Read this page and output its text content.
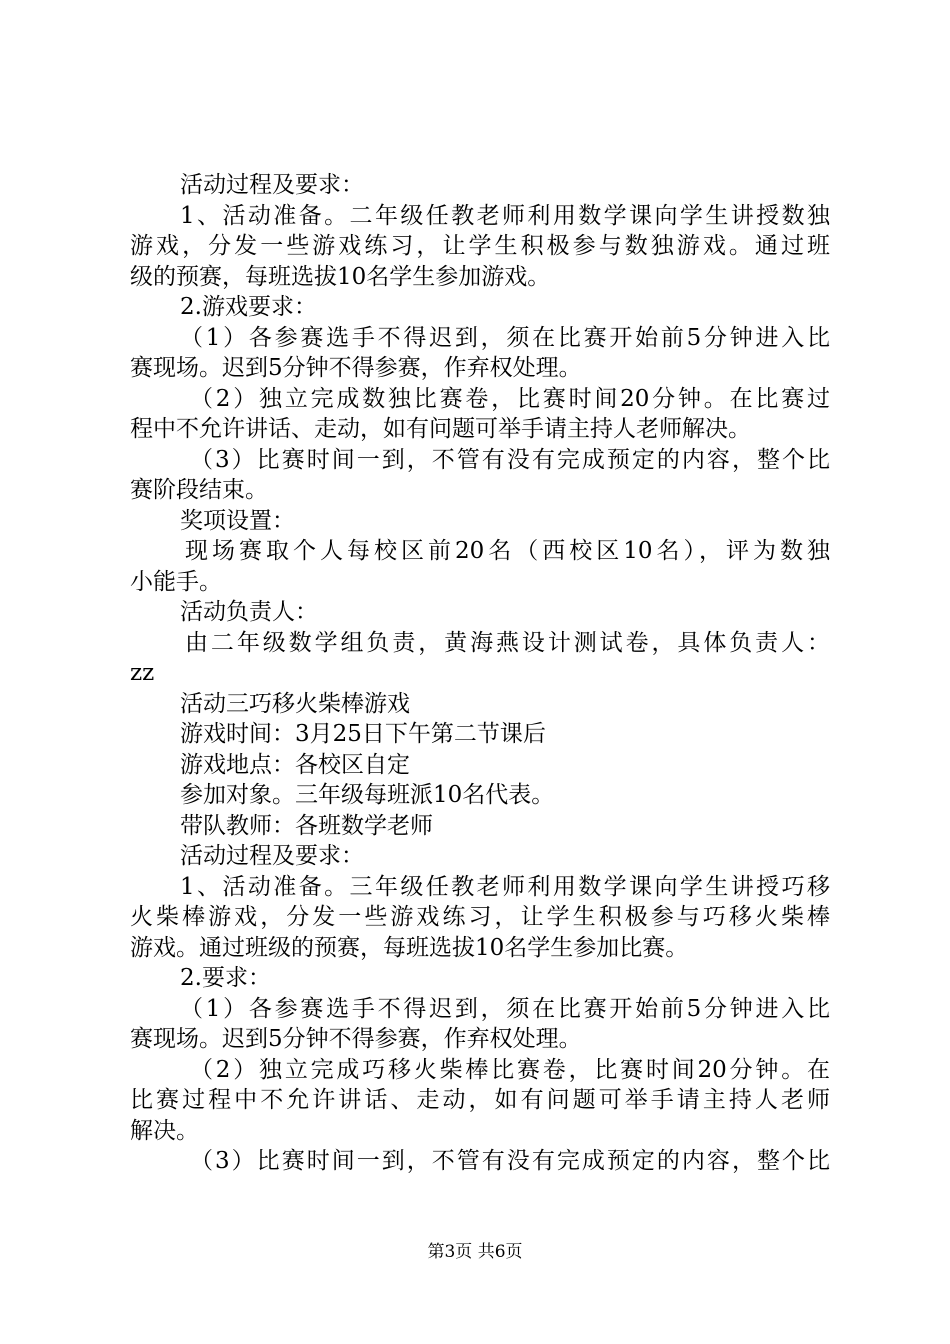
活动过程及要求：
1、活动准备。二年级任教老师利用数学课向学生讲授数独
游戏，分发一些游戏练习，让学生积极参与数独游戏。通过班
级的预赛，每班选拔10名学生参加游戏。
2.游戏要求：
（1）各参赛选手不得迟到，须在比赛开始前5分钟进入比
赛现场。迟到5分钟不得参赛，作弃权处理。
（2）独立完成数独比赛卷，比赛时间20分钟。在比赛过
程中不允许讲话、走动，如有问题可举手请主持人老师解决。
（3）比赛时间一到，不管有没有完成预定的内容，整个比
赛阶段结束。
奖项设置：
现场赛取个人每校区前20名（西校区10名），评为数独
小能手。
活动负责人：
由二年级数学组负责，黄海燕设计测试卷，具体负责人：
zz
活动三巧移火柴棒游戏
游戏时间：3月25日下午第二节课后
游戏地点：各校区自定
参加对象。三年级每班派10名代表。
带队教师：各班数学老师
活动过程及要求：
1、活动准备。三年级任教老师利用数学课向学生讲授巧移
火柴棒游戏，分发一些游戏练习，让学生积极参与巧移火柴棒
游戏。通过班级的预赛，每班选拔10名学生参加比赛。
2.要求：
（1）各参赛选手不得迟到，须在比赛开始前5分钟进入比
赛现场。迟到5分钟不得参赛，作弃权处理。
（2）独立完成巧移火柴棒比赛卷，比赛时间20分钟。在
比赛过程中不允许讲话、走动，如有问题可举手请主持人老师
解决。
（3）比赛时间一到，不管有没有完成预定的内容，整个比
第3页 共6页
